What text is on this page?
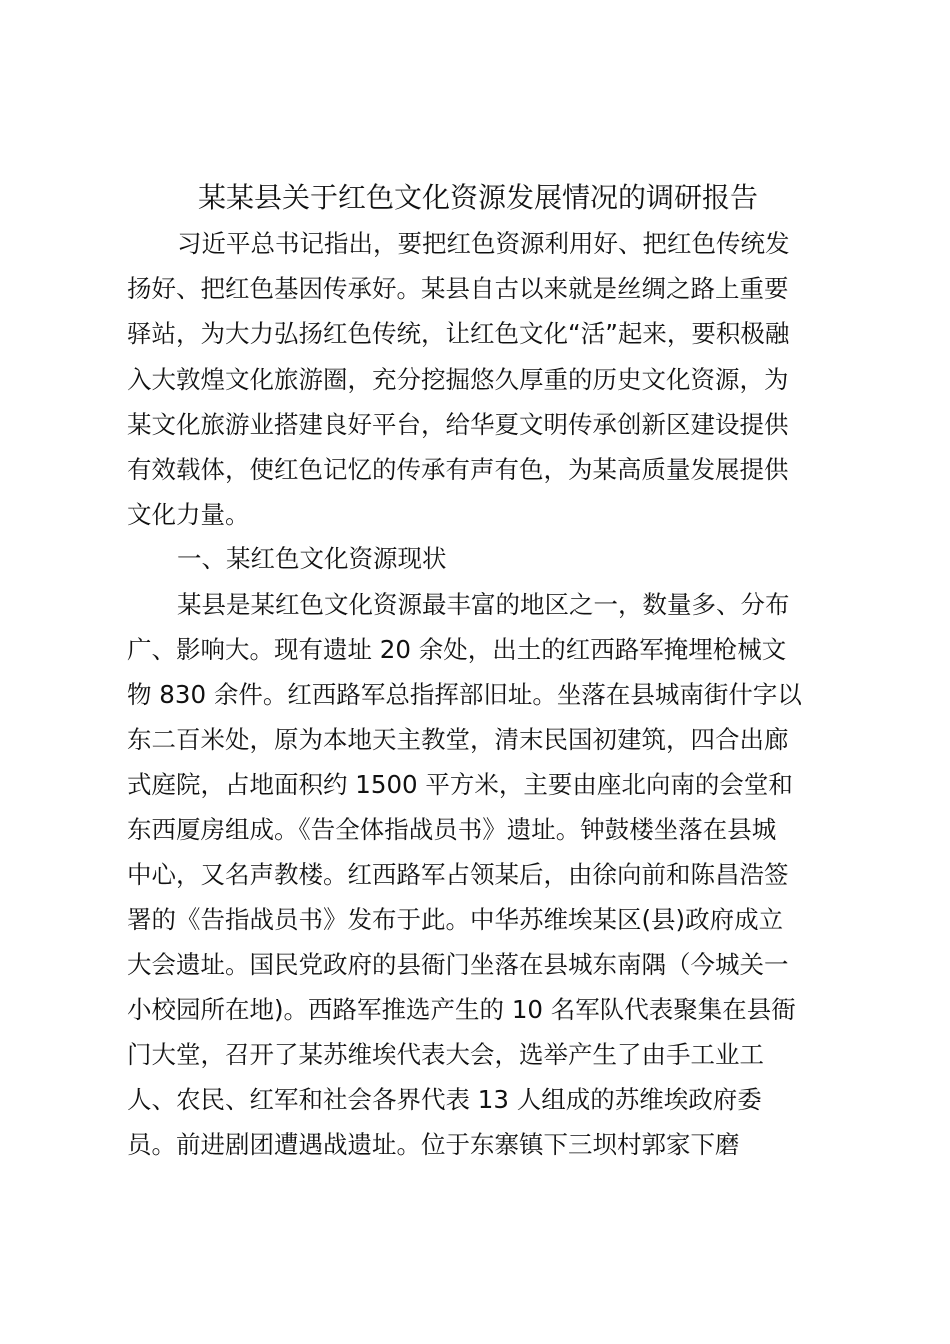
某某县关于红色文化资源发展情况的调研报告

习近平总书记指出，要把红色资源利用好、把红色传统发

扬好、把红色基因传承好。某县自古以来就是丝绸之路上重要

驿站，为大力弘扬红色传统，让红色文化“活”起来，要积极融

入大敦煌文化旅游圈，充分挖掘悠久厚重的历史文化资源，为

某文化旅游业搭建良好平台，给华夏文明传承创新区建设提供

有效载体，使红色记忆的传承有声有色，为某高质量发展提供

文化力量。

一、某红色文化资源现状

某县是某红色文化资源最丰富的地区之一，数量多、分布

广、影响大。现有遗址 20 余处，出土的红西路军掩埋枪械文

物 830 余件。红西路军总指挥部旧址。坐落在县城南街什字以

东二百米处，原为本地天主教堂，清末民国初建筑，四合出廊

式庭院，占地面积约 1500 平方米，主要由座北向南的会堂和

东西厦房组成。《告全体指战员书》遗址。钟鼓楼坐落在县城

中心，又名声教楼。红西路军占领某后，由徐向前和陈昌浩签

署的《告指战员书》发布于此。中华苏维埃某区(县)政府成立

大会遗址。国民党政府的县衙门坐落在县城东南隅（今城关一

小校园所在地)。西路军推选产生的 10 名军队代表聚集在县衙

门大堂，召开了某苏维埃代表大会，选举产生了由手工业工

人、农民、红军和社会各界代表 13 人组成的苏维埃政府委

员。前进剧团遭遇战遗址。位于东寨镇下三坝村郭家下磨
